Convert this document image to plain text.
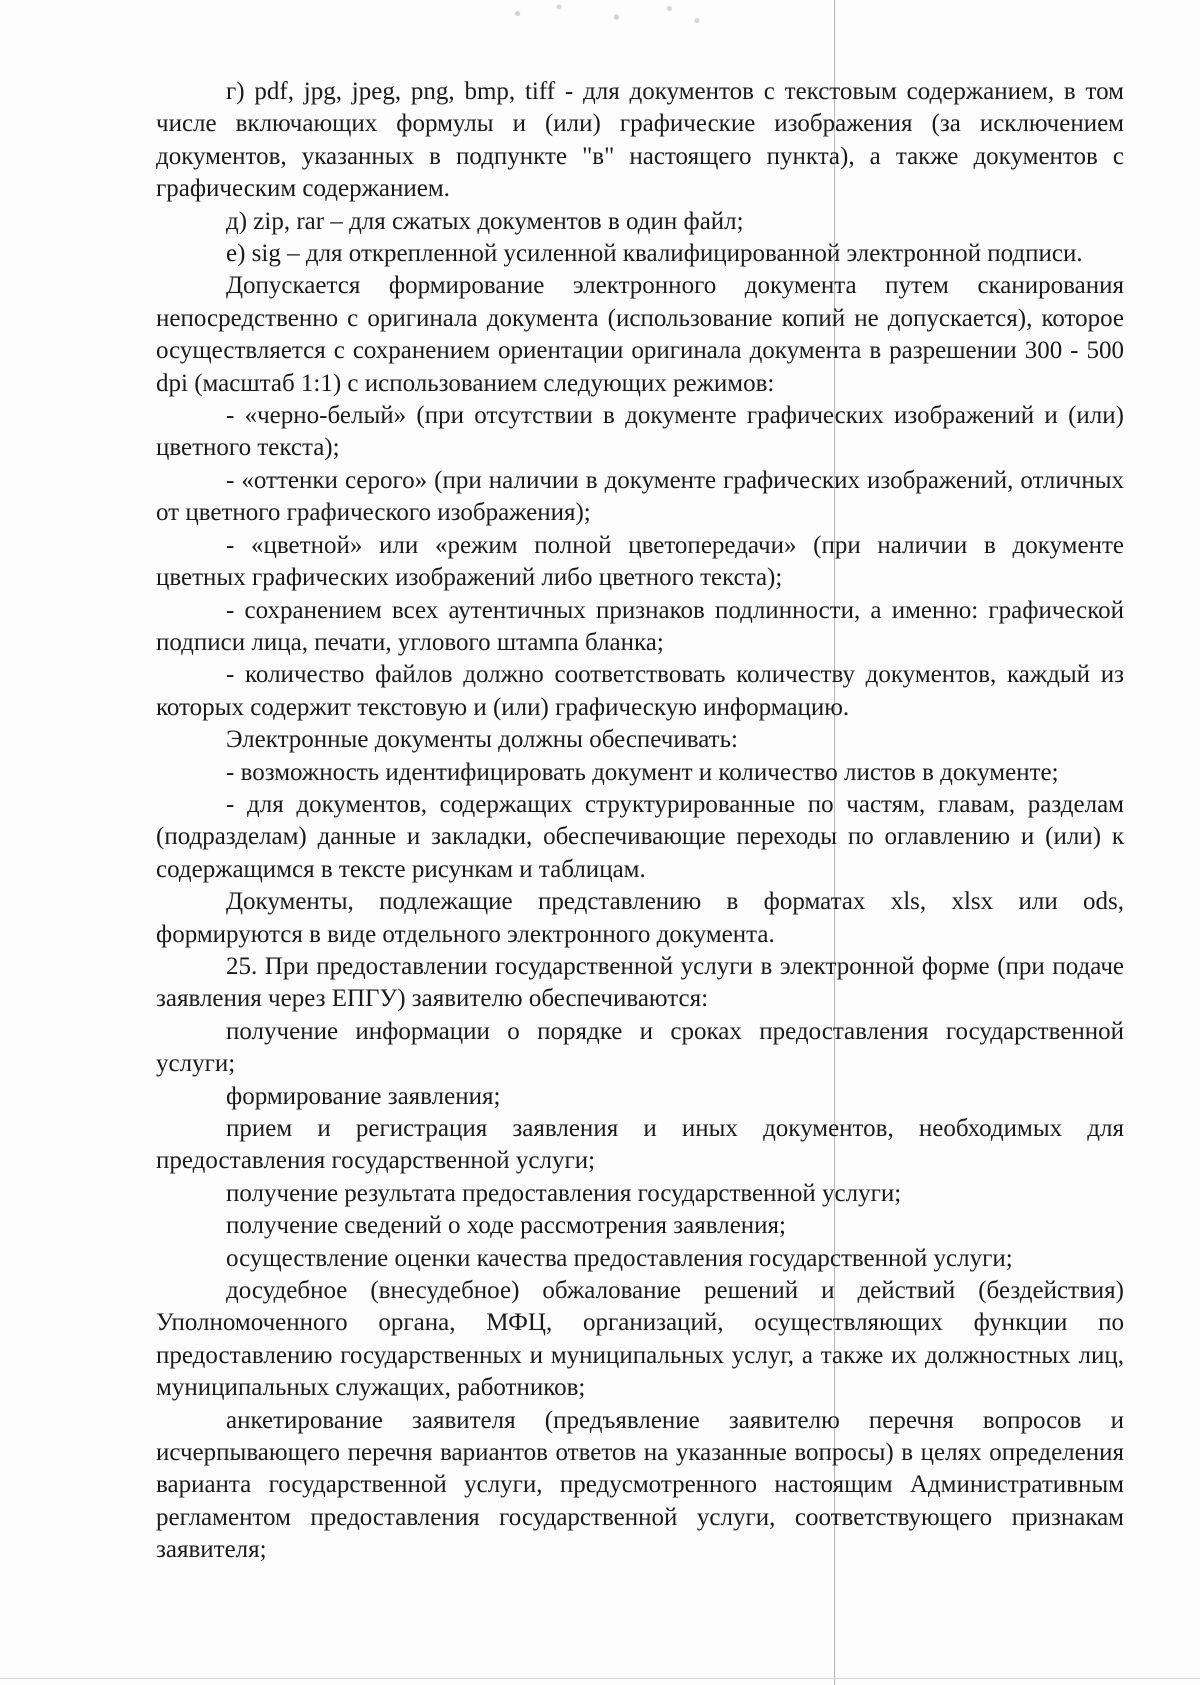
г) pdf, jpg, jpeg, png, bmp, tiff - для документов с текстовым содержанием, в том числе включающих формулы и (или) графические изображения (за исключением документов, указанных в подпункте "в" настоящего пункта), а также документов с графическим содержанием.

д) zip, rar – для сжатых документов в один файл;

е) sig – для открепленной усиленной квалифицированной электронной подписи.

Допускается формирование электронного документа путем сканирования непосредственно с оригинала документа (использование копий не допускается), которое осуществляется с сохранением ориентации оригинала документа в разрешении 300 - 500 dpi (масштаб 1:1) с использованием следующих режимов:

- «черно-белый» (при отсутствии в документе графических изображений и (или) цветного текста);

- «оттенки серого» (при наличии в документе графических изображений, отличных от цветного графического изображения);

- «цветной» или «режим полной цветопередачи» (при наличии в документе цветных графических изображений либо цветного текста);

- сохранением всех аутентичных признаков подлинности, а именно: графической подписи лица, печати, углового штампа бланка;

- количество файлов должно соответствовать количеству документов, каждый из которых содержит текстовую и (или) графическую информацию.

Электронные документы должны обеспечивать:

- возможность идентифицировать документ и количество листов в документе;

- для документов, содержащих структурированные по частям, главам, разделам (подразделам) данные и закладки, обеспечивающие переходы по оглавлению и (или) к содержащимся в тексте рисункам и таблицам.

Документы, подлежащие представлению в форматах xls, xlsx или ods, формируются в виде отдельного электронного документа.

25. При предоставлении государственной услуги в электронной форме (при подаче заявления через ЕПГУ) заявителю обеспечиваются:

получение информации о порядке и сроках предоставления государственной услуги;

формирование заявления;

прием и регистрация заявления и иных документов, необходимых для предоставления государственной услуги;

получение результата предоставления государственной услуги;

получение сведений о ходе рассмотрения заявления;

осуществление оценки качества предоставления государственной услуги;

досудебное (внесудебное) обжалование решений и действий (бездействия) Уполномоченного органа, МФЦ, организаций, осуществляющих функции по предоставлению государственных и муниципальных услуг, а также их должностных лиц, муниципальных служащих, работников;

анкетирование заявителя (предъявление заявителю перечня вопросов и исчерпывающего перечня вариантов ответов на указанные вопросы) в целях определения варианта государственной услуги, предусмотренного настоящим Административным регламентом предоставления государственной услуги, соответствующего признакам заявителя;
